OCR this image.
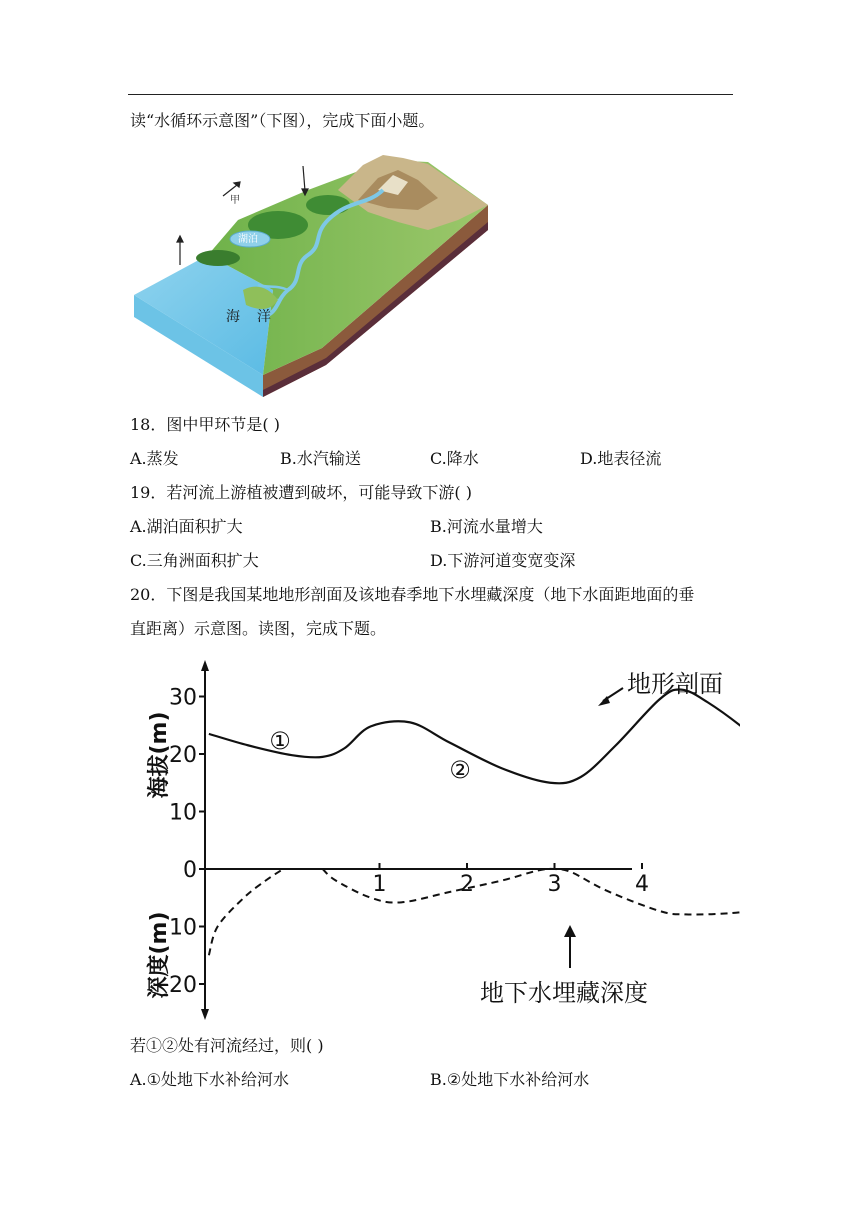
读“水循环示意图”（下图），完成下面小题。
甲
湖泊
海 洋
18．图中甲环节是( )
A.蒸发	B.水汽输送	C.降水	D.地表径流
19．若河流上游植被遭到破坏，可能导致下游( )
A.湖泊面积扩大	B.河流水量增大
C.三角洲面积扩大	D.下游河道变宽变深
20．下图是我国某地地形剖面及该地春季地下水埋藏深度（地下水面距地面的垂
直距离）示意图。读图，完成下题。
30
20
10
0
10
20
1	2	3	4
海拔(m)
深度(m)
地形剖面
地下水埋藏深度
①
②
若①②处有河流经过，则( )
A.①处地下水补给河水	B.②处地下水补给河水
